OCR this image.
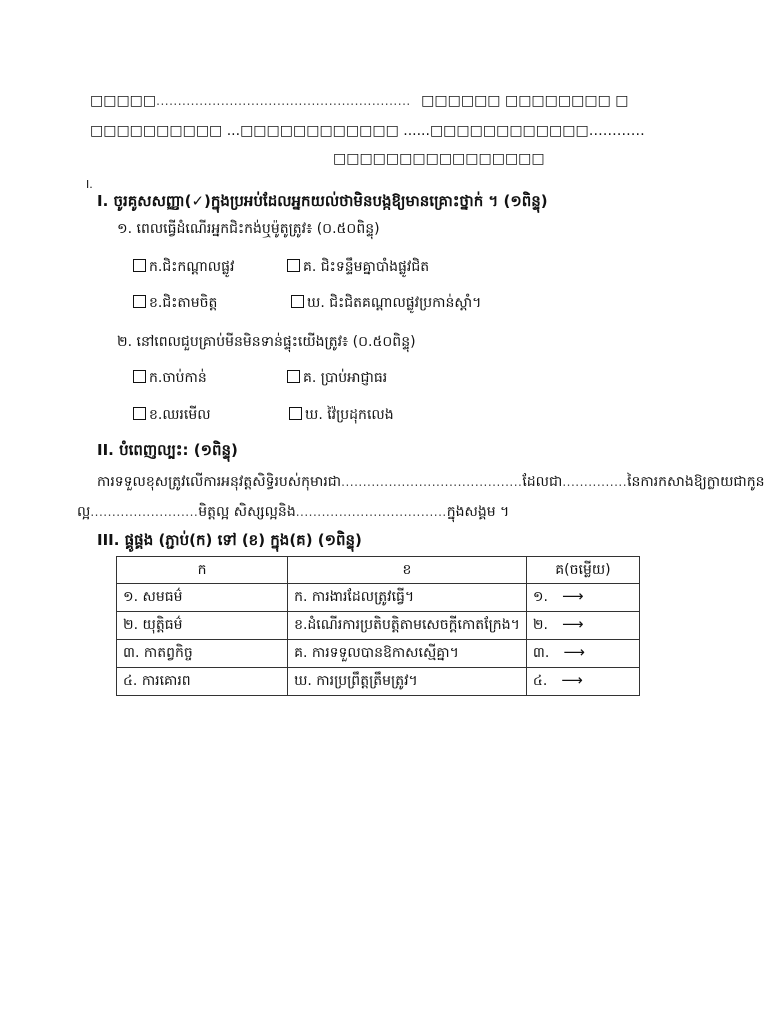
□□□□□........................................................... □□□□□□ □□□□□□□□ □
□□□□□□□□□□ ...□□□□□□□□□□□□ ......□□□□□□□□□□□□…………
□□□□□□□□□□□□□□□□
I.
I. ចូរគូសសញ្ញា(✓)ក្នុងប្រអប់ដែលអ្នកយល់ថាមិនបង្កឱ្យមានគ្រោះថ្នាក់ ។ (១ពិន្ទុ)
១. ពេលធ្វើដំណើរអ្នកជិះកង់ឬម៉ូតូត្រូវ៖ (០.៥០ពិន្ទុ)
ក.ជិះកណ្តាលផ្លូវ	គ. ជិះទន្ទឹមគ្នាបាំងផ្លូវជិត
ខ.ជិះតាមចិត្ត	ឃ. ជិះជិតគណ្តាលផ្លូវប្រកាន់ស្តាំ។
២. នៅពេលជួបគ្រាប់មីនមិនទាន់ផ្ទុះយើងត្រូវ៖ (០.៥០ពិន្ទុ)
ក.ចាប់កាន់	គ. ប្រាប់អាជ្ញាធរ
ខ.ឈរមើល	ឃ. វ៉ៃប្រដុកលេង
II. បំពេញល្បះ: (១ពិន្ទុ)
ការទទួលខុសត្រូវលើការអនុវត្តសិទ្ធិរបស់កុមារជា..........................................ដែលជា...............នៃការកសាងឱ្យក្លាយជាកូន
ល្អ.........................មិត្តល្អ សិស្សល្អនិង...................................ក្នុងសង្គម ។
III. ផ្គូផ្គង (ភ្ជាប់(ក) ទៅ (ខ) ក្នុង(គ) (១ពិន្ទុ)
ក	ខ	គ(ចម្លើយ)
១. សមធម៌	ក. ការងារដែលត្រូវធ្វើ។	១. ⟶
២. យុត្តិធម៌	ខ.ដំណើរការប្រតិបត្តិតាមសេចក្តីកោតក្រែង។	២. ⟶
៣. កាតព្វកិច្ច	គ. ការទទួលបានឱកាសស្មើគ្នា។	៣. ⟶
៤. ការគោរព	ឃ. ការប្រព្រឹត្តត្រឹមត្រូវ។	៤. ⟶
